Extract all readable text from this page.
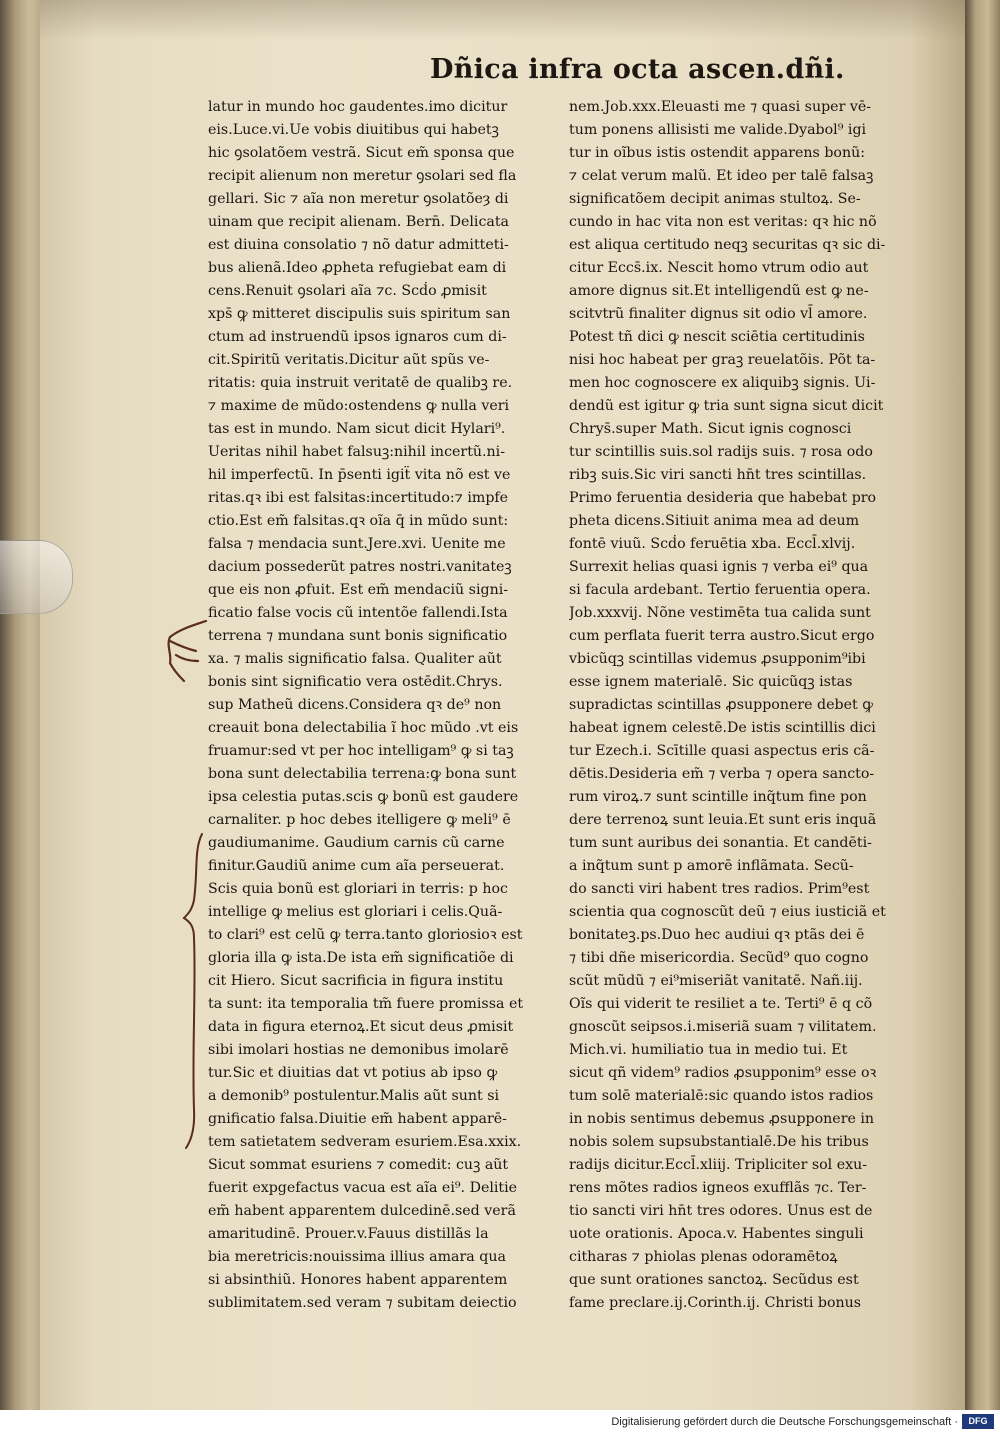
Dñica infra octa ascen.dñi.
latur in mundo hoc gaudentes.imo dicitur
eis.Luce.vi.Ue vobis diuitibus qui habetꝫ
hic ꝯsolatõem vestrã. Sicut em̃ sponsa que
recipit alienum non meretur ꝯsolari sed fla
gellari. Sic ⁊ aĩa non meretur ꝯsolatõeȝ di
uinam que recipit alienam. Bern̄. Delicata
est diuina consolatio ⁊ nõ datur admitteti-
bus alienã.Ideo ꝓpheta refugiebat eam di
cens.Renuit ꝯsolari aĩa ⁊c. Scḋo ꝓmisit
xps̄ ꝙ mitteret discipulis suis spiritum san
ctum ad instruendũ ipsos ignaros cum di-
cit.Spiritũ veritatis.Dicitur aũt spũs ve-
ritatis: quia instruit veritatē de qualibꝫ re.
⁊ maxime de mũdo:ostendens ꝙ nulla veri
tas est in mundo. Nam sicut dicit Hylari⁹.
Ueritas nihil habet falsuꝫ:nihil incertũ.ni-
hil imperfectũ. In p̄senti igiẗ vita nõ est ve
ritas.qꝛ ibi est falsitas:incertitudo:⁊ impfe
ctio.Est em̃ falsitas.qꝛ oĩa q̄ in mũdo sunt:
falsa ⁊ mendacia sunt.Jere.xvi. Uenite me
dacium possederũt patres nostri.vanitateꝫ
que eis non ꝓfuit. Est em̃ mendaciũ signi-
ficatio false vocis cũ intentõe fallendi.Ista
terrena ⁊ mundana sunt bonis significatio
xa. ⁊ malis significatio falsa. Qualiter aũt
bonis sint significatio vera ostēdit.Chrys.
sup Matheũ dicens.Considera qꝛ de⁹ non
creauit bona delectabilia ĩ hoc mũdo .vt eis
fruamur:sed vt per hoc intelligam⁹ ꝙ si taꝫ
bona sunt delectabilia terrena:ꝙ bona sunt
ipsa celestia putas.scis ꝙ bonũ est gaudere
carnaliter. p hoc debes itelligere ꝙ meli⁹ ē
gaudiumanime. Gaudium carnis cũ carne
finitur.Gaudiũ anime cum aĩa perseuerat.
Scis quia bonũ est gloriari in terris: p hoc
intellige ꝙ melius est gloriari i celis.Quã-
to clari⁹ est celũ ꝙ terra.tanto gloriosioꝛ est
gloria illa ꝙ ista.De ista em̃ significatiõe di
cit Hiero. Sicut sacrificia in figura institu
ta sunt: ita temporalia tm̃ fuere promissa et
data in figura eternoꝝ.Et sicut deus ꝓmisit
sibi imolari hostias ne demonibus imolarē
tur.Sic et diuitias dat vt potius ab ipso ꝙ
a demonib⁹ postulentur.Malis aũt sunt si
gnificatio falsa.Diuitie em̃ habent apparē-
tem satietatem sedveram esuriem.Esa.xxix.
Sicut sommat esuriens ⁊ comedit: cuꝫ aũt
fuerit expgefactus vacua est aĩa ei⁹. Delitie
em̃ habent apparentem dulcedinē.sed verã
amaritudinē. Prouer.v.Fauus distillãs la
bia meretricis:nouissima illius amara qua
si absinthiũ. Honores habent apparentem
sublimitatem.sed veram ⁊ subitam deiectio
nem.Job.xxx.Eleuasti me ⁊ quasi super vē-
tum ponens allisisti me valide.Dyabol⁹ igi
tur in oĩbus istis ostendit apparens bonũ:
⁊ celat verum malũ. Et ideo per talē falsaꝫ
significatõem decipit animas stultoꝝ. Se-
cundo in hac vita non est veritas: qꝛ hic nõ
est aliqua certitudo neqꝫ securitas qꝛ sic di-
citur Eccs̄.ix. Nescit homo vtrum odio aut
amore dignus sit.Et intelligendũ est ꝙ ne-
scitvtrũ finaliter dignus sit odio vl̄ amore.
Potest tñ dici ꝙ nescit sciētia certitudinis
nisi hoc habeat per graꝫ reuelatõis. Põt ta-
men hoc cognoscere ex aliquibꝫ signis. Ui-
dendũ est igitur ꝙ tria sunt signa sicut dicit
Chrys̄.super Math. Sicut ignis cognosci
tur scintillis suis.sol radijs suis. ⁊ rosa odo
ribꝫ suis.Sic viri sancti hn̄t tres scintillas.
Primo feruentia desideria que habebat pro
pheta dicens.Sitiuit anima mea ad deum
fontē viuũ. Scḋo feruētia xba. Eccl̄.xlvij.
Surrexit helias quasi ignis ⁊ verba ei⁹ qua
si facula ardebant. Tertio feruentia opera.
Job.xxxvij. Nõne vestimēta tua calida sunt
cum perflata fuerit terra austro.Sicut ergo
vbicũqꝫ scintillas videmus ꝓsupponim⁹ibi
esse ignem materialē. Sic quicũqꝫ istas
supradictas scintillas ꝓsupponere debet ꝙ
habeat ignem celestē.De istis scintillis dici
tur Ezech.i. Scītille quasi aspectus eris cã-
dētis.Desideria em̃ ⁊ verba ⁊ opera sancto-
rum viroꝝ.⁊ sunt scintille inq̃tum fine pon
dere terrenoꝝ sunt leuia.Et sunt eris inquã
tum sunt auribus dei sonantia. Et candēti-
a inq̃tum sunt p amorē inflãmata. Secũ-
do sancti viri habent tres radios. Prim⁹est
scientia qua cognoscũt deũ ⁊ eius iusticiã et
bonitateꝫ.ps.Duo hec audiui qꝛ ptãs dei ē
⁊ tibi dñe misericordia. Secũd⁹ quo cogno
scũt mũdũ ⁊ ei⁹miseriãt vanitatē. Nañ.iij.
Oĩs qui viderit te resiliet a te. Terti⁹ ē q cõ
gnoscũt seipsos.i.miseriã suam ⁊ vilitatem.
Mich.vi. humiliatio tua in medio tui. Et
sicut qñ videm⁹ radios ꝓsupponim⁹ esse oꝛ
tum solē materialē:sic quando istos radios
in nobis sentimus debemus ꝓsupponere in
nobis solem supsubstantialē.De his tribus
radijs dicitur.Eccl̄.xliij. Tripliciter sol exu-
rens mõtes radios igneos exufflãs ⁊c. Ter-
tio sancti viri hn̄t tres odores. Unus est de
uote orationis. Apoca.v. Habentes singuli
citharas ⁊ phiolas plenas odoramētoꝝ
que sunt orationes sanctoꝝ. Secũdus est
fame preclare.ij.Corinth.ij. Christi bonus
Digitalisierung gefördert durch die Deutsche Forschungsgemeinschaft ·	DFG
